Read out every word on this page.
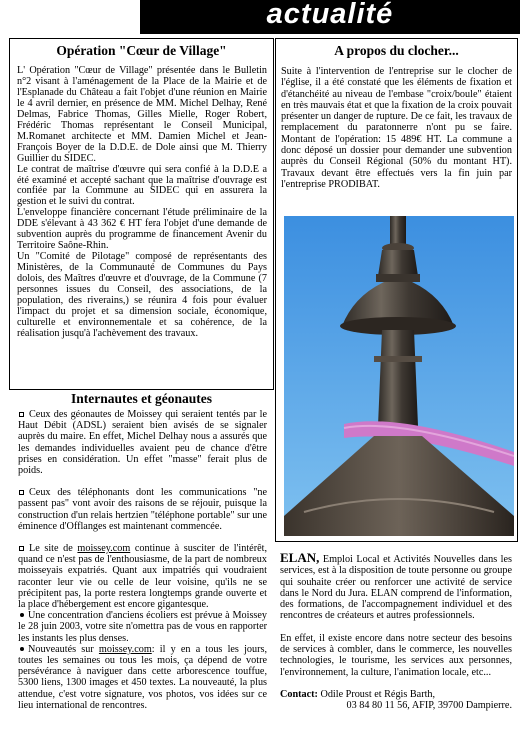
actualité
Opération "Cœur de Village"

L' Opération "Cœur de Village" présentée dans le Bulletin n°2 visant à l'aménagement de la Place de la Mairie et de l'Esplanade du Château a fait l'objet d'une réunion en Mairie le 4 avril dernier, en présence de MM. Michel Delhay, René Delmas, Fabrice Thomas, Gilles Mielle, Roger Robert, Frédéric Thomas représentant le Conseil Municipal, M.Romanet architecte et MM. Damien Michel et Jean-François Boyer de la D.D.E. de Dole ainsi que M. Thierry Guillier du SIDEC.

Le contrat de maîtrise d'œuvre qui sera confié à la D.D.E a été examiné et accepté sachant que la maîtrise d'ouvrage est confiée par la Commune au SIDEC qui en assurera la gestion et le suivi du contrat.

L'enveloppe financière concernant l'étude préliminaire de la DDE s'élevant à 43 362 € HT fera l'objet d'une demande de subvention auprès du programme de financement Avenir du Territoire Saône-Rhin.

Un "Comité de Pilotage" composé de représentants des Ministères, de la Communauté de Communes du Pays dolois, des Maîtres d'œuvre et d'ouvrage, de la Commune (7 personnes issues du Conseil, des associations, de la population, des riverains,) se réunira 4 fois pour évaluer l'impact du projet et sa dimension sociale, économique, culturelle et environnementale et sa cohérence, de la réalisation jusqu'à l'achèvement des travaux.

A propos du clocher...

Suite à l'intervention de l'entreprise sur le clocher de l'église, il a été constaté que les éléments de fixation et d'étanchéité au niveau de l'embase "croix/boule" étaient en très mauvais état et que la fixation de la croix pouvait présenter un danger de rupture. De ce fait, les travaux de remplacement du paratonnerre n'ont pu se faire. Montant de l'opération: 15 489€ HT. La commune a donc déposé un dossier pour demander une subvention auprès du Conseil Régional (50% du montant HT). Travaux devant être effectués vers la fin juin par l'entreprise PRODIBAT.

Internautes et géonautes

Ceux des géonautes de Moissey qui seraient tentés par le Haut Débit (ADSL) seraient bien avisés de se signaler auprès du maire. En effet, Michel Delhay nous a assurés que les demandes individuelles avaient peu de chance d'être prises en considération. Un effet "masse" ferait plus de poids.

Ceux des téléphonants dont les communications "ne passent pas" vont avoir des raisons de se réjouir, puisque la construction d'un relais hertzien "téléphone portable" sur une éminence d'Offlanges est maintenant commencée.

Le site de moissey.com continue à susciter de l'intérêt, quand ce n'est pas de l'enthousiasme, de la part de nombreux moisseyais expatriés. Quant aux impatriés qui voudraient raconter leur vie ou celle de leur voisine, qu'ils ne se précipitent pas, la porte restera longtemps grande ouverte et la place d'hébergement est encore gigantesque.

Une concentration d'anciens écoliers est prévue à Moissey le 28 juin 2003, votre site n'omettra pas de vous en rapporter les instants les plus denses.

Nouveautés sur moissey.com: il y en a tous les jours, toutes les semaines ou tous les mois, ça dépend de votre persévérance à naviguer dans cette arborescence touffue, 5300 liens, 1300 images et 450 textes. La nouveauté, la plus attendue, c'est votre signature, vos photos, vos idées sur ce lieu international de rencontres.

ELAN, Emploi Local et Activités Nouvelles dans les services, est à la disposition de toute personne ou groupe qui souhaite créer ou renforcer une activité de service dans le Nord du Jura. ELAN comprend de l'information, des formations, de l'accompagnement individuel et des rencontres de créateurs et autres professionnels.

En effet, il existe encore dans notre secteur des besoins de services à combler, dans le commerce, les nouvelles technologies, le tourisme, les services aux personnes, l'environnement, la culture, l'animation locale, etc...

Contact: Odile Proust et Régis Barth,

03 84 80 11 56, AFIP, 39700 Dampierre.
